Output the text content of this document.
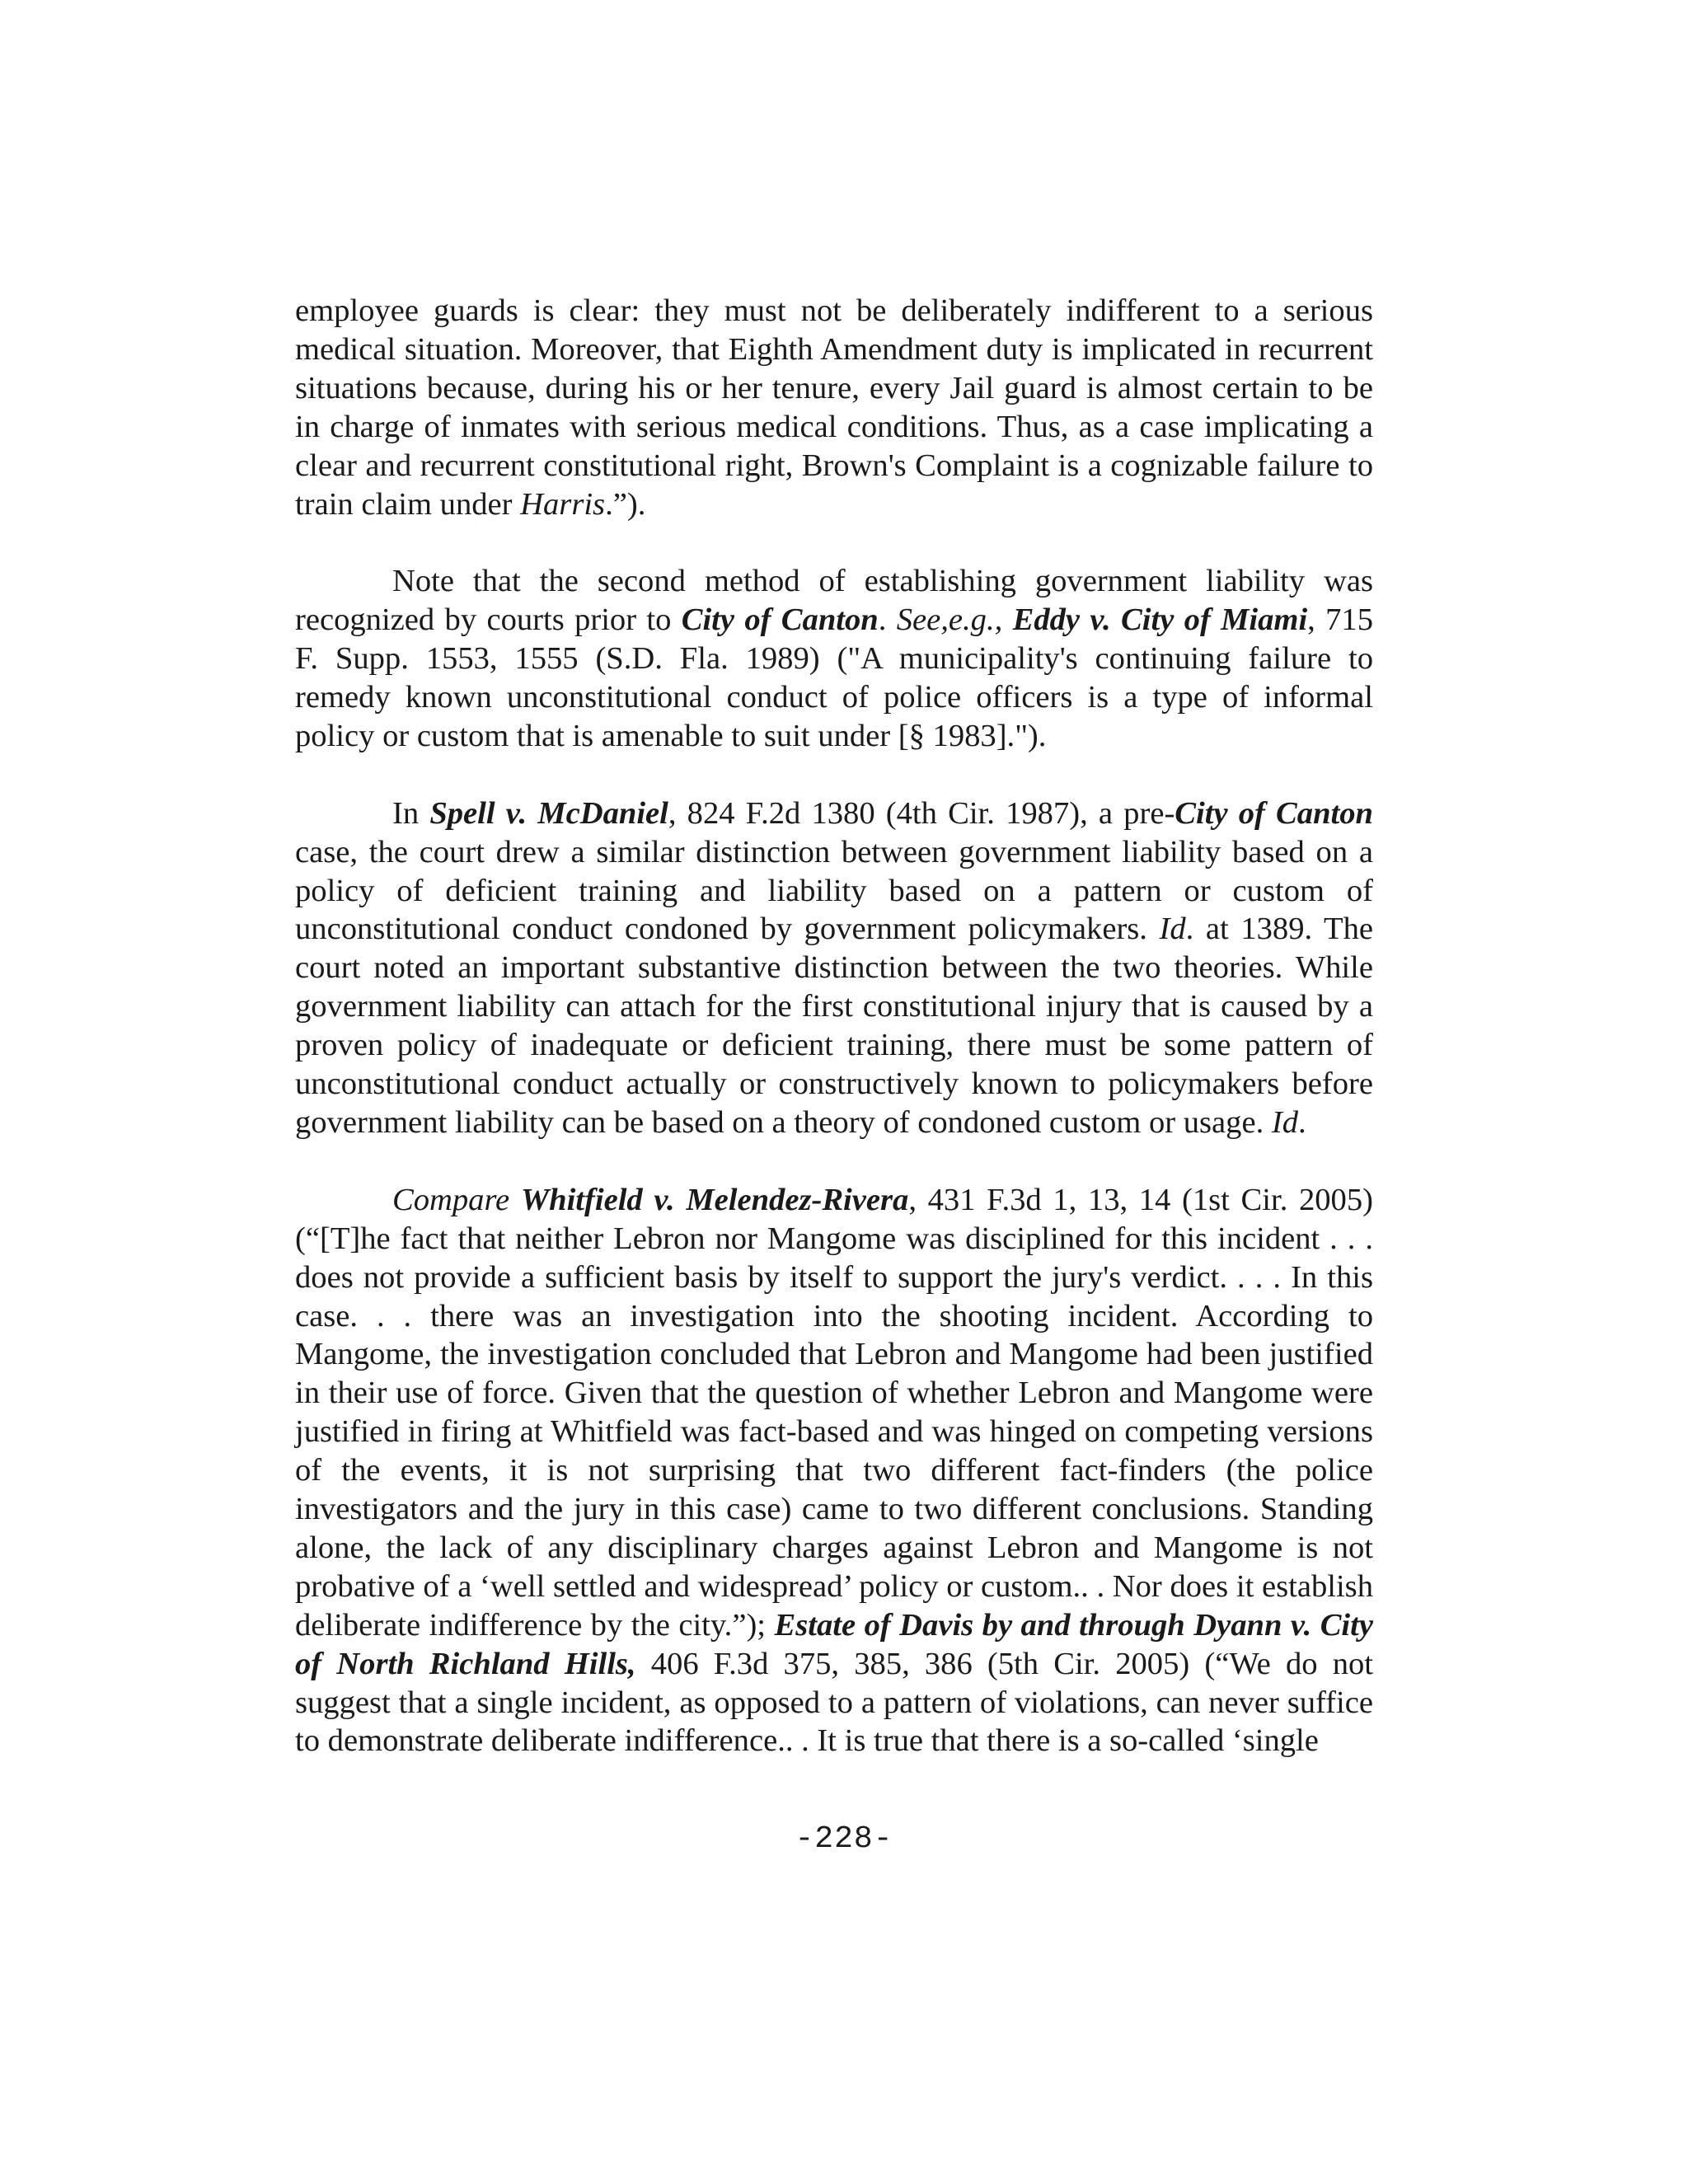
employee guards is clear: they must not be deliberately indifferent to a serious medical situation. Moreover, that Eighth Amendment duty is implicated in recurrent situations because, during his or her tenure, every Jail guard is almost certain to be in charge of inmates with serious medical conditions. Thus, as a case implicating a clear and recurrent constitutional right, Brown's Complaint is a cognizable failure to train claim under Harris.”).

Note that the second method of establishing government liability was recognized by courts prior to City of Canton. See,e.g., Eddy v. City of Miami, 715 F. Supp. 1553, 1555 (S.D. Fla. 1989) ("A municipality's continuing failure to remedy known unconstitutional conduct of police officers is a type of informal policy or custom that is amenable to suit under [§ 1983].").

In Spell v. McDaniel, 824 F.2d 1380 (4th Cir. 1987), a pre-City of Canton case, the court drew a similar distinction between government liability based on a policy of deficient training and liability based on a pattern or custom of unconstitutional conduct condoned by government policymakers. Id. at 1389. The court noted an important substantive distinction between the two theories. While government liability can attach for the first constitutional injury that is caused by a proven policy of inadequate or deficient training, there must be some pattern of unconstitutional conduct actually or constructively known to policymakers before government liability can be based on a theory of condoned custom or usage. Id.

Compare Whitfield v. Melendez-Rivera, 431 F.3d 1, 13, 14 (1st Cir. 2005) (“[T]he fact that neither Lebron nor Mangome was disciplined for this incident . . . does not provide a sufficient basis by itself to support the jury's verdict. . . . In this case. . . there was an investigation into the shooting incident. According to Mangome, the investigation concluded that Lebron and Mangome had been justified in their use of force. Given that the question of whether Lebron and Mangome were justified in firing at Whitfield was fact-based and was hinged on competing versions of the events, it is not surprising that two different fact-finders (the police investigators and the jury in this case) came to two different conclusions. Standing alone, the lack of any disciplinary charges against Lebron and Mangome is not probative of a ‘well settled and widespread’ policy or custom.. . Nor does it establish deliberate indifference by the city.”); Estate of Davis by and through Dyann v. City of North Richland Hills, 406 F.3d 375, 385, 386 (5th Cir. 2005) (“We do not suggest that a single incident, as opposed to a pattern of violations, can never suffice to demonstrate deliberate indifference.. . It is true that there is a so-called ‘single

-228-
